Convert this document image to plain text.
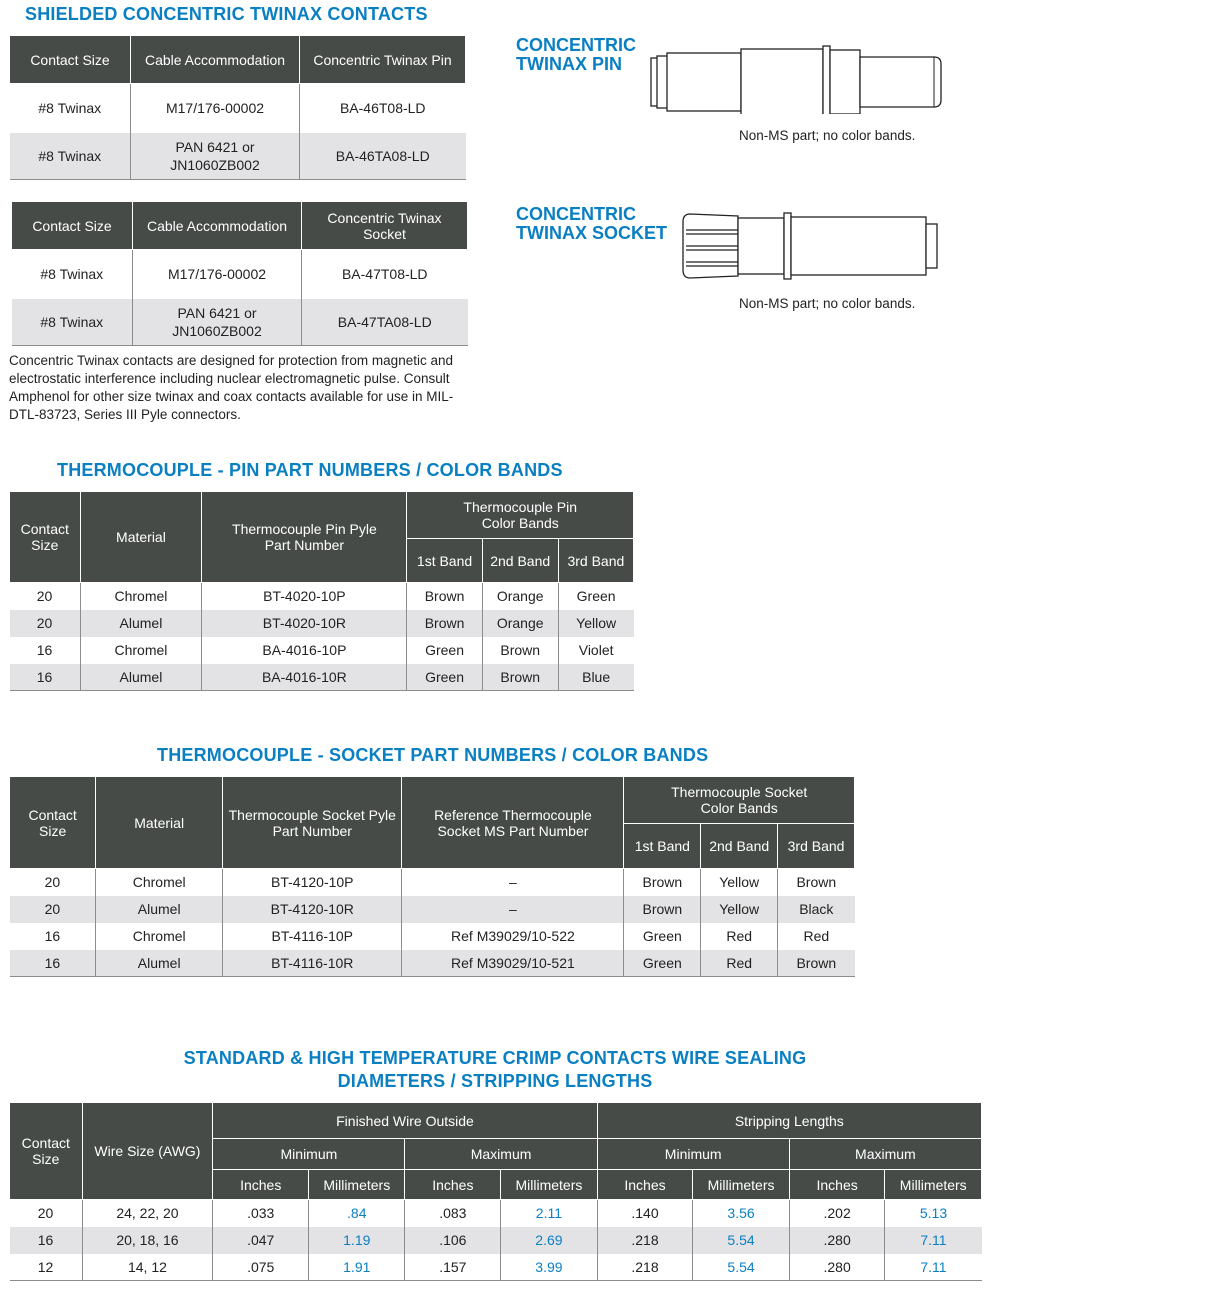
SHIELDED CONCENTRIC TWINAX CONTACTS
Contact Size	Cable Accommodation	Concentric Twinax Pin
#8 Twinax	M17/176-00002	BA-46T08-LD
#8 Twinax	PAN 6421 or JN1060ZB002	BA-46TA08-LD
Contact Size	Cable Accommodation	Concentric Twinax Socket
#8 Twinax	M17/176-00002	BA-47T08-LD
#8 Twinax	PAN 6421 or JN1060ZB002	BA-47TA08-LD
Concentric Twinax contacts are designed for protection from magnetic and electrostatic interference including nuclear electromagnetic pulse. Consult Amphenol for other size twinax and coax contacts available for use in MIL-DTL-83723, Series III Pyle connectors.
CONCENTRIC
TWINAX PIN
Non-MS part; no color bands.
CONCENTRIC
TWINAX SOCKET
Non-MS part; no color bands.
THERMOCOUPLE - PIN PART NUMBERS / COLOR BANDS
Contact Size	Material	Thermocouple Pin Pyle Part Number	Thermocouple Pin Color Bands		
			1st Band	2nd Band	3rd Band
20	Chromel	BT-4020-10P	Brown	Orange	Green
20	Alumel	BT-4020-10R	Brown	Orange	Yellow
16	Chromel	BA-4016-10P	Green	Brown	Violet
16	Alumel	BA-4016-10R	Green	Brown	Blue
THERMOCOUPLE - SOCKET PART NUMBERS / COLOR BANDS
Contact Size	Material	Thermocouple Socket Pyle Part Number	Reference Thermocouple Socket MS Part Number	Thermocouple Socket Color Bands		
				1st Band	2nd Band	3rd Band
20	Chromel	BT-4120-10P	–	Brown	Yellow	Brown
20	Alumel	BT-4120-10R	–	Brown	Yellow	Black
16	Chromel	BT-4116-10P	Ref M39029/10-522	Green	Red	Red
16	Alumel	BT-4116-10R	Ref M39029/10-521	Green	Red	Brown
STANDARD & HIGH TEMPERATURE CRIMP CONTACTS WIRE SEALING
DIAMETERS / STRIPPING LENGTHS
Contact Size	Wire Size (AWG)	Finished Wire Outside				Stripping Lengths			
		Minimum		Maximum		Minimum		Maximum	
		Inches	Millimeters	Inches	Millimeters	Inches	Millimeters	Inches	Millimeters
20	24, 22, 20	.033	.84	.083	2.11	.140	3.56	.202	5.13
16	20, 18, 16	.047	1.19	.106	2.69	.218	5.54	.280	7.11
12	14, 12	.075	1.91	.157	3.99	.218	5.54	.280	7.11
